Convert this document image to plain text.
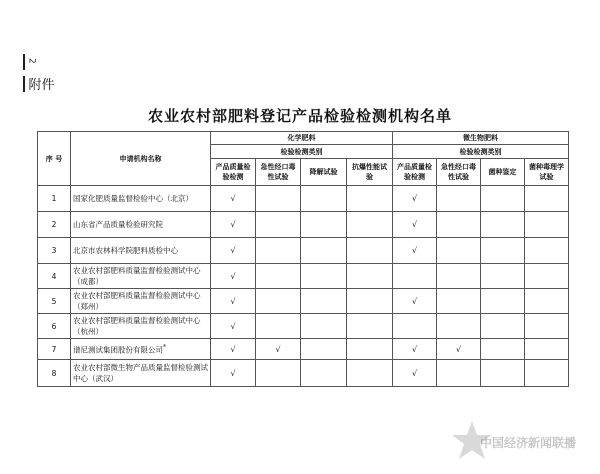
2
附件
农业农村部肥料登记产品检验检测机构名单
序 号	申请机构名称	化学肥料				微生物肥料			
		检验检测类别				检验检测类别			
		产品质量检验检测	急性经口毒性试验	降解试验	抗爆性能试验	产品质量检验检测	急性经口毒性试验	菌种鉴定	菌种毒理学试验
1	国家化肥质量监督检验中心（北京）	√				√			
2	山东省产品质量检验研究院	√				√			
3	北京市农林科学院肥料质检中心	√				√			
4	农业农村部肥料质量监督检验测试中心（成都）	√							
5	农业农村部肥料质量监督检验测试中心（郑州）	√				√			
6	农业农村部肥料质量监督检验测试中心（杭州）	√							
7	谱尼测试集团股份有限公司*	√	√			√	√		
8	农业农村部微生物产品质量监督检验测试中心（武汉）	√				√			
中国经济新闻联播
